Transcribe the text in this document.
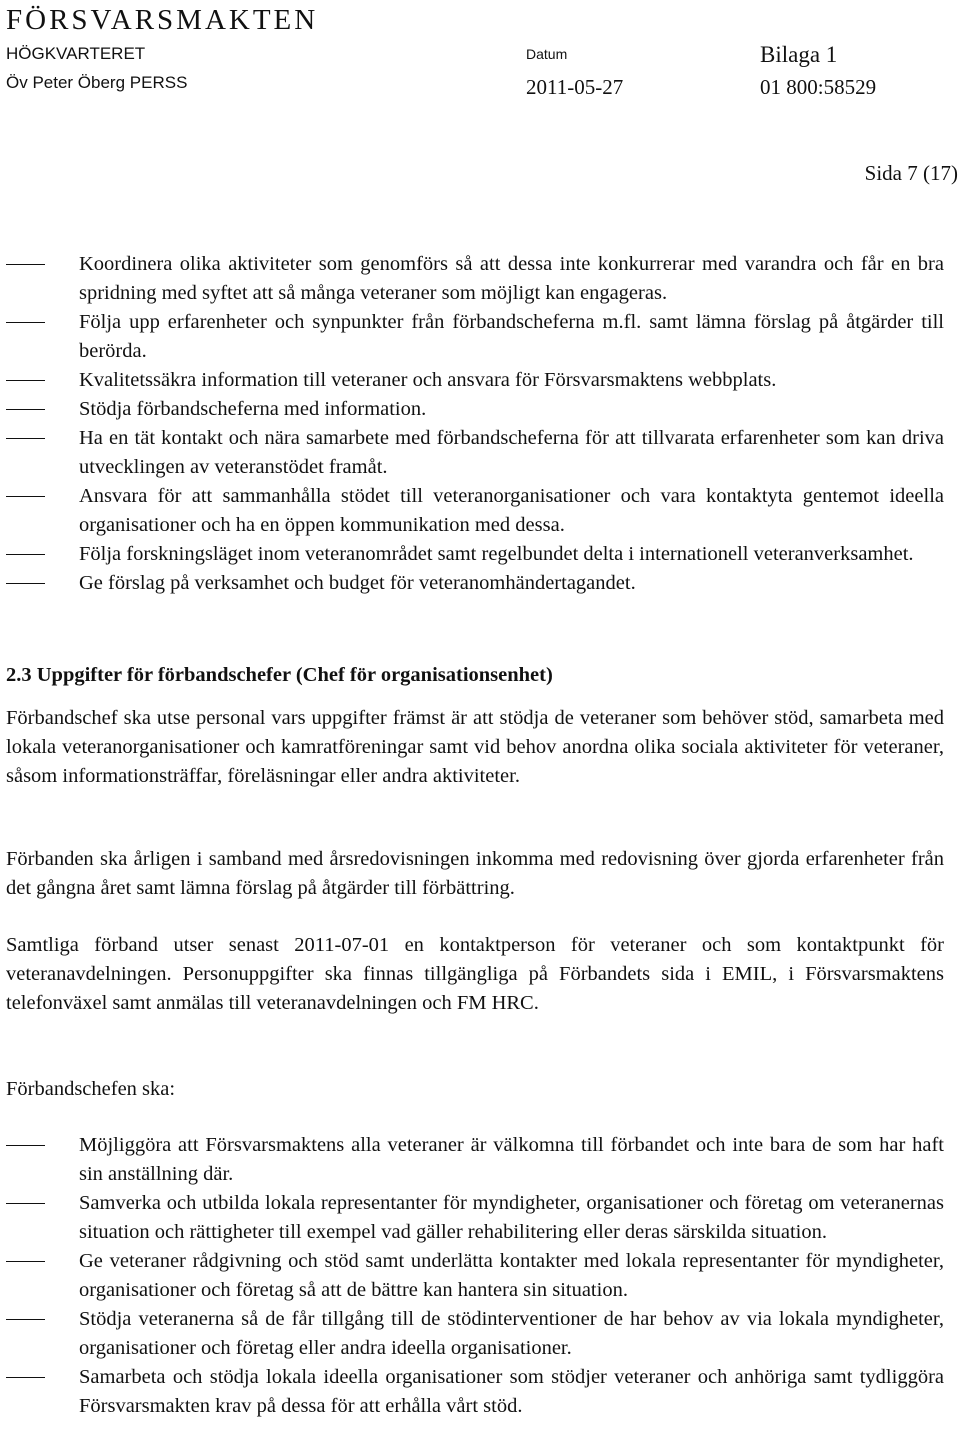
FÖRSVARSMAKTEN
HÖGKVARTERET
Öv Peter Öberg PERSS
Datum
2011-05-27
Bilaga 1
01 800:58529
Sida 7 (17)
Koordinera olika aktiviteter som genomförs så att dessa inte konkurrerar med varandra och får en bra spridning med syftet att så många veteraner som möjligt kan engageras.
Följa upp erfarenheter och synpunkter från förbandscheferna m.fl. samt lämna förslag på åtgärder till berörda.
Kvalitetssäkra information till veteraner och ansvara för Försvarsmaktens webbplats.
Stödja förbandscheferna med information.
Ha en tät kontakt och nära samarbete med förbandscheferna för att tillvarata erfarenheter som kan driva utvecklingen av veteranstödet framåt.
Ansvara för att sammanhålla stödet till veteranorganisationer och vara kontaktyta gentemot ideella organisationer och ha en öppen kommunikation med dessa.
Följa forskningsläget inom veteranområdet samt regelbundet delta i internationell veteranverksamhet.
Ge förslag på verksamhet och budget för veteranomhändertagandet.
2.3 Uppgifter för förbandschefer (Chef för organisationsenhet)

Förbandschef ska utse personal vars uppgifter främst är att stödja de veteraner som behöver stöd, samarbeta med lokala veteranorganisationer och kamratföreningar samt vid behov anordna olika sociala aktiviteter för veteraner, såsom informationsträffar, föreläsningar eller andra aktiviteter.

Förbanden ska årligen i samband med årsredovisningen inkomma med redovisning över gjorda erfarenheter från det gångna året samt lämna förslag på åtgärder till förbättring.

Samtliga förband utser senast 2011-07-01 en kontaktperson för veteraner och som kontaktpunkt för veteranavdelningen. Personuppgifter ska finnas tillgängliga på Förbandets sida i EMIL, i Försvarsmaktens telefonväxel samt anmälas till veteranavdelningen och FM HRC.

Förbandschefen ska:

Möjliggöra att Försvarsmaktens alla veteraner är välkomna till förbandet och inte bara de som har haft sin anställning där.
Samverka och utbilda lokala representanter för myndigheter, organisationer och företag om veteranernas situation och rättigheter till exempel vad gäller rehabilitering eller deras särskilda situation.
Ge veteraner rådgivning och stöd samt underlätta kontakter med lokala representanter för myndigheter, organisationer och företag så att de bättre kan hantera sin situation.
Stödja veteranerna så de får tillgång till de stödinterventioner de har behov av via lokala myndigheter, organisationer och företag eller andra ideella organisationer.
Samarbeta och stödja lokala ideella organisationer som stödjer veteraner och anhöriga samt tydliggöra Försvarsmakten krav på dessa för att erhålla vårt stöd.
